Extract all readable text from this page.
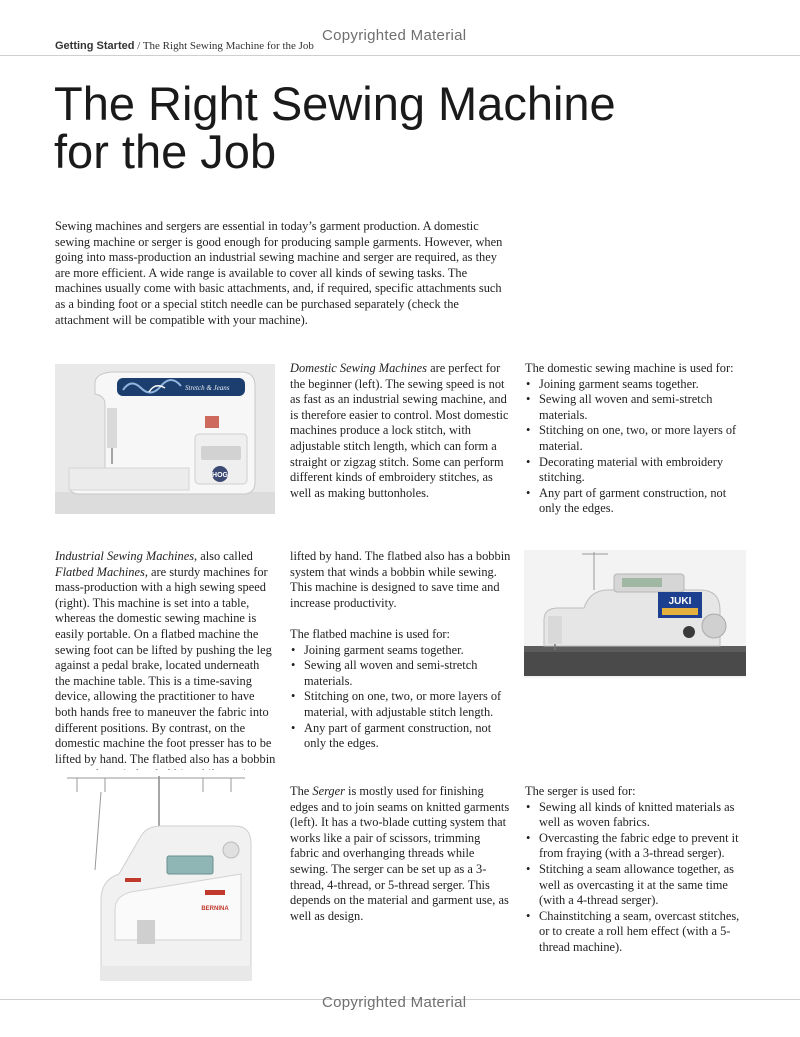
Copyrighted Material
Getting Started / The Right Sewing Machine for the Job
The Right Sewing Machine
for the Job
Sewing machines and sergers are essential in today’s garment production. A domestic sewing machine or serger is good enough for producing sample garments. However, when going into mass-production an industrial sewing machine and serger are required, as they are more efficient. A wide range is available to cover all kinds of sewing tasks. The machines usually come with basic attachments, and, if required, specific attachments such as a binding foot or a special stitch needle can be purchased separately (check the attachment will be compatible with your machine).
Stretch & Jeans
HOG
Domestic Sewing Machines are perfect for the beginner (left). The sewing speed is not as fast as an industrial sewing machine, and is therefore easier to control. Most domestic machines produce a lock stitch, with adjustable stitch length, which can form a straight or zigzag stitch. Some can perform different kinds of embroidery stitches, as well as making buttonholes.
The domestic sewing machine is used for:
• Joining garment seams together.
• Sewing all woven and semi-stretch materials.
• Stitching on one, two, or more layers of material.
• Decorating material with embroidery stitching.
• Any part of garment construction, not only the edges.
Industrial Sewing Machines, also called Flatbed Machines, are sturdy machines for mass-production with a high sewing speed (right). This machine is set into a table, whereas the domestic sewing machine is easily portable. On a flatbed machine the sewing foot can be lifted by pushing the leg against a pedal brake, located underneath the machine table. This is a time-saving device, allowing the practitioner to have both hands free to maneuver the fabric into different positions. By contrast, on the domestic machine the foot presser has to be lifted by hand. The flatbed also has a bobbin
lifted by hand. The flatbed also has a bobbin system that winds a bobbin while sewing. This machine is designed to save time and increase productivity.
The flatbed machine is used for:
• Joining garment seams together.
• Sewing all woven and semi-stretch materials.
• Stitching on one, two, or more layers of material, with adjustable stitch length.
• Any part of garment construction, not only the edges.
JUKI
BERNINA
The Serger is mostly used for finishing edges and to join seams on knitted garments (left). It has a two-blade cutting system that works like a pair of scissors, trimming fabric and overhanging threads while sewing. The serger can be set up as a 3-thread, 4-thread, or 5-thread serger. This depends on the material and garment use, as well as design.
The serger is used for:
• Sewing all kinds of knitted materials as well as woven fabrics.
• Overcasting the fabric edge to prevent it from fraying (with a 3-thread serger).
• Stitching a seam allowance together, as well as overcasting it at the same time (with a 4-thread serger).
• Chainstitching a seam, overcast stitches, or to create a roll hem effect (with a 5-thread machine).
Copyrighted Material
